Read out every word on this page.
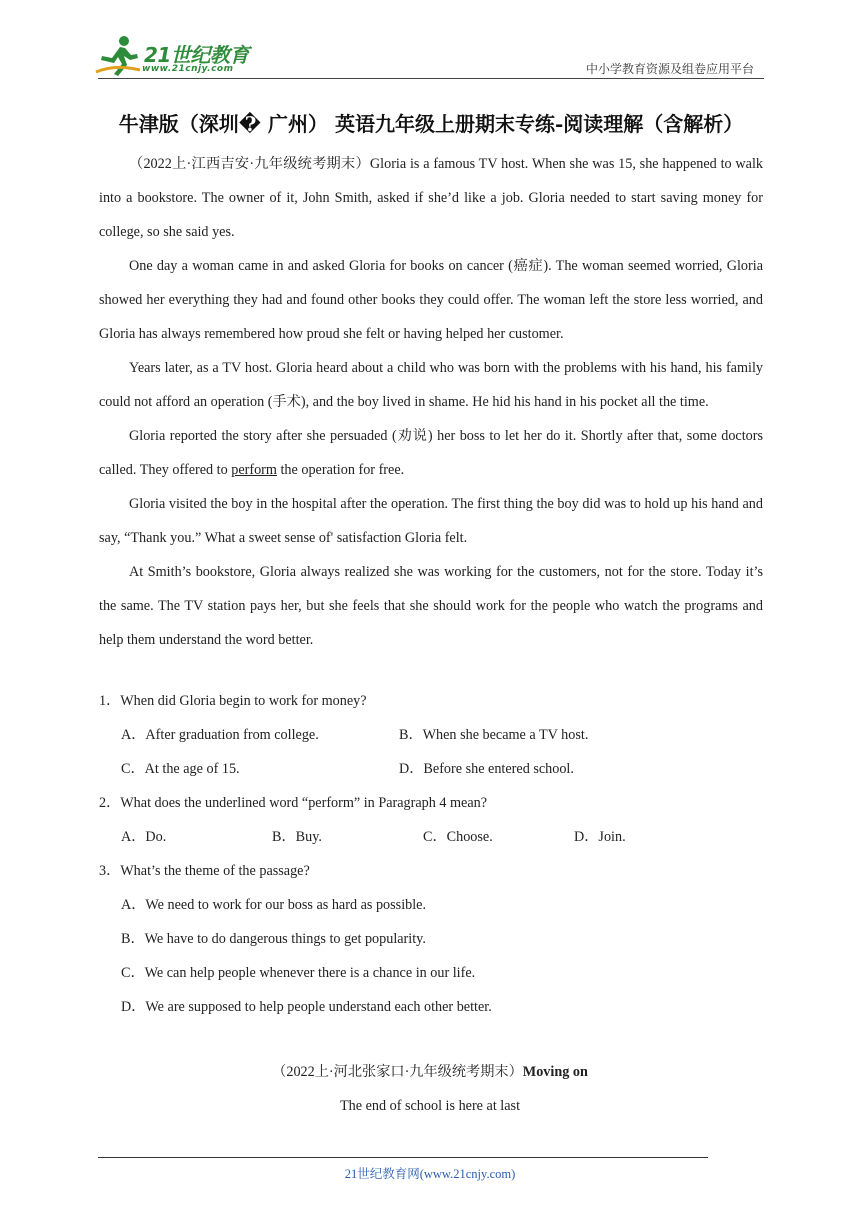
21世纪教育
www.21cnjy.com	中小学教育资源及组卷应用平台
牛津版（深圳� 广州） 英语九年级上册期末专练-阅读理解（含解析）

（2022上·江西吉安·九年级统考期末）Gloria is a famous TV host. When she was 15, she happened to walk into a bookstore. The owner of it, John Smith, asked if she’d like a job. Gloria needed to start saving money for college, so she said yes.

One day a woman came in and asked Gloria for books on cancer (癌症). The woman seemed worried, Gloria showed her everything they had and found other books they could offer. The woman left the store less worried, and Gloria has always remembered how proud she felt or having helped her customer.

Years later, as a TV host. Gloria heard about a child who was born with the problems with his hand, his family could not afford an operation (手术), and the boy lived in shame. He hid his hand in his pocket all the time.

Gloria reported the story after she persuaded (劝说) her boss to let her do it. Shortly after that, some doctors called. They offered to perform the operation for free.

Gloria visited the boy in the hospital after the operation. The first thing the boy did was to hold up his hand and say, “Thank you.” What a sweet sense of' satisfaction Gloria felt.

At Smith’s bookstore, Gloria always realized she was working for the customers, not for the store. Today it’s the same. The TV station pays her, but she feels that she should work for the people who watch the programs and help them understand the word better.

1．When did Gloria begin to work for money?

A．After graduation from college.	B．When she became a TV host.
C．At the age of 15.	D．Before she entered school.

2．What does the underlined word “perform” in Paragraph 4 mean?

A．Do.	B．Buy.	C．Choose.	D．Join.

3．What’s the theme of the passage?

A．We need to work for our boss as hard as possible.
B．We have to do dangerous things to get popularity.
C．We can help people whenever there is a chance in our life.
D．We are supposed to help people understand each other better.
（2022上·河北张家口·九年级统考期末）Moving on
The end of school is here at last
21世纪教育网(www.21cnjy.com)
